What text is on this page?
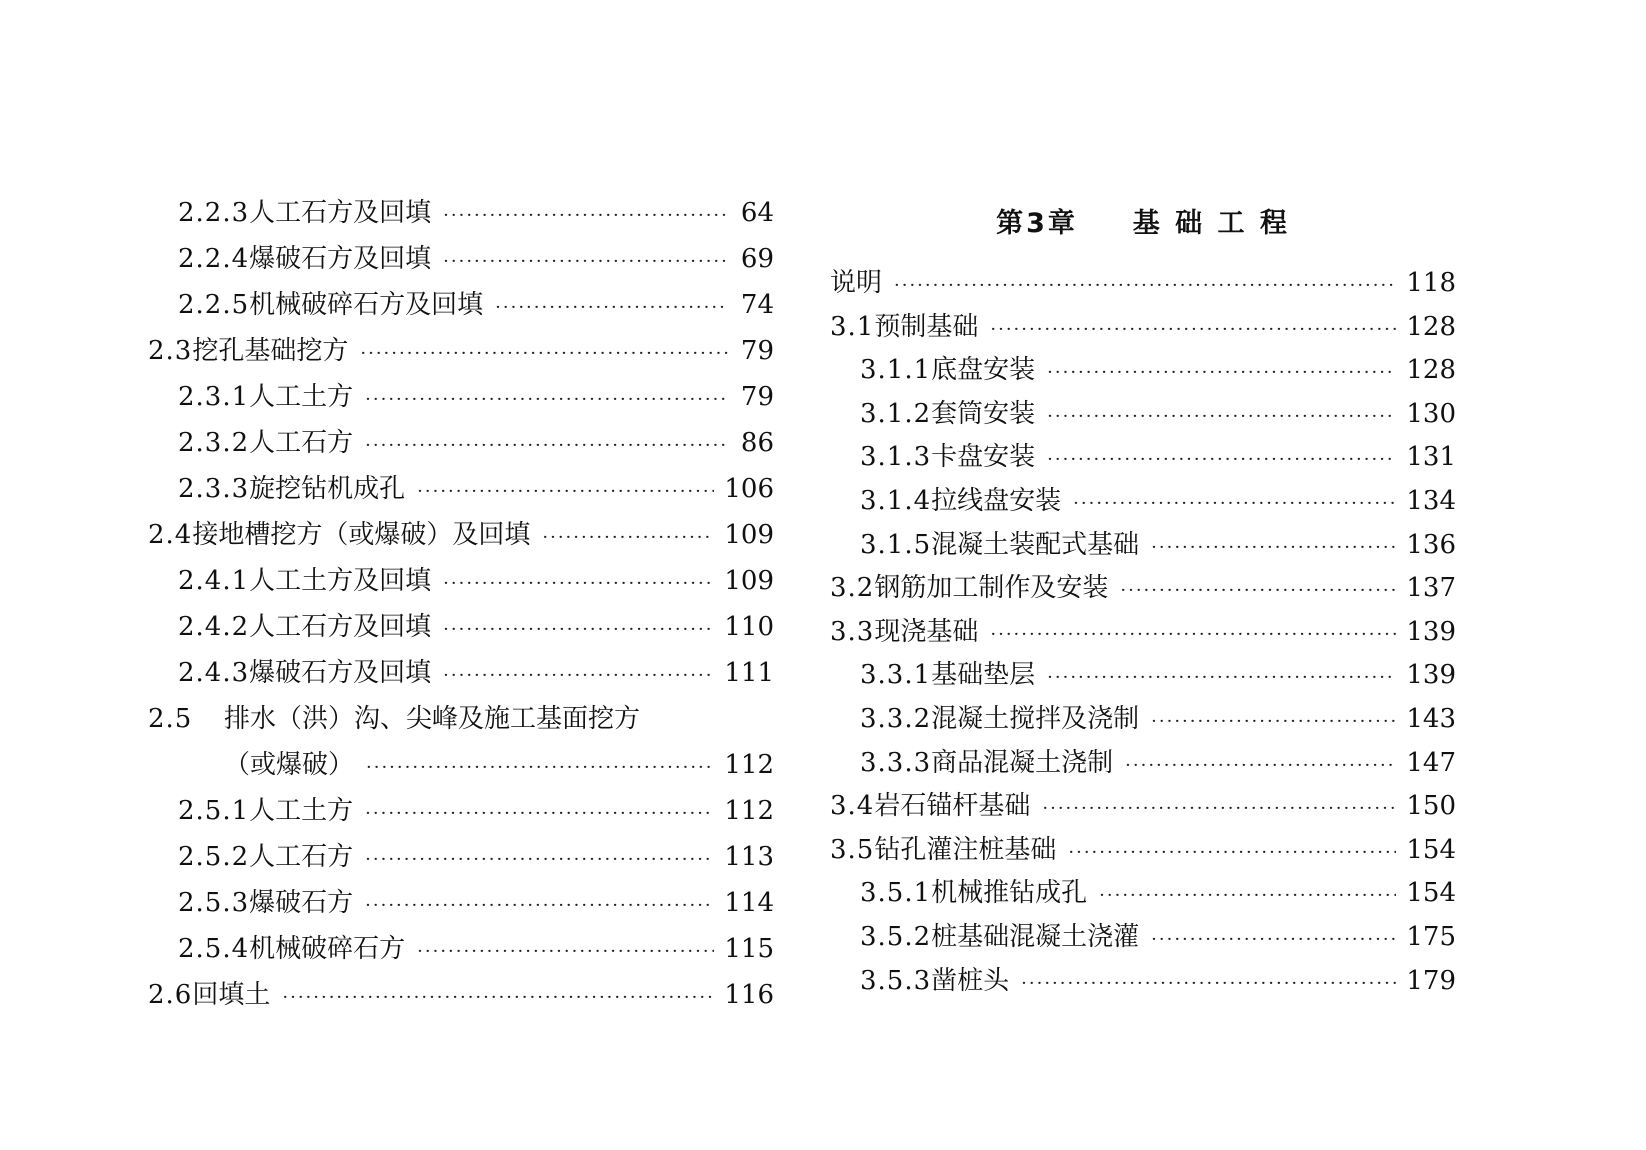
2.2.3 人工石方及回填 ·····	64
2.2.4 爆破石方及回填 ·····	69
2.2.5 机械破碎石方及回填 ·····	74
2.3 挖孔基础挖方 ·····	79
2.3.1 人工土方 ·····	79
2.3.2 人工石方 ·····	86
2.3.3 旋挖钻机成孔 ·····	106
2.4 接地槽挖方（或爆破）及回填 ·····	109
2.4.1 人工土方及回填 ·····	109
2.4.2 人工石方及回填 ·····	110
2.4.3 爆破石方及回填 ·····	111
2.5	排水（洪）沟、尖峰及施工基面挖方
（或爆破） ·····	112
2.5.1 人工土方 ·····	112
2.5.2 人工石方 ·····	113
2.5.3 爆破石方 ·····	114
2.5.4 机械破碎石方 ·····	115
2.6 回填土 ·····	116
第3章 基 础 工 程
说明 ·····	118
3.1 预制基础 ·····	128
3.1.1 底盘安装 ·····	128
3.1.2 套筒安装 ·····	130
3.1.3 卡盘安装 ·····	131
3.1.4 拉线盘安装 ·····	134
3.1.5 混凝土装配式基础 ·····	136
3.2 钢筋加工制作及安装 ·····	137
3.3 现浇基础 ·····	139
3.3.1 基础垫层 ·····	139
3.3.2 混凝土搅拌及浇制 ·····	143
3.3.3 商品混凝土浇制 ·····	147
3.4 岩石锚杆基础 ·····	150
3.5 钻孔灌注桩基础 ·····	154
3.5.1 机械推钻成孔 ·····	154
3.5.2 桩基础混凝土浇灌 ·····	175
3.5.3 凿桩头 ·····	179
